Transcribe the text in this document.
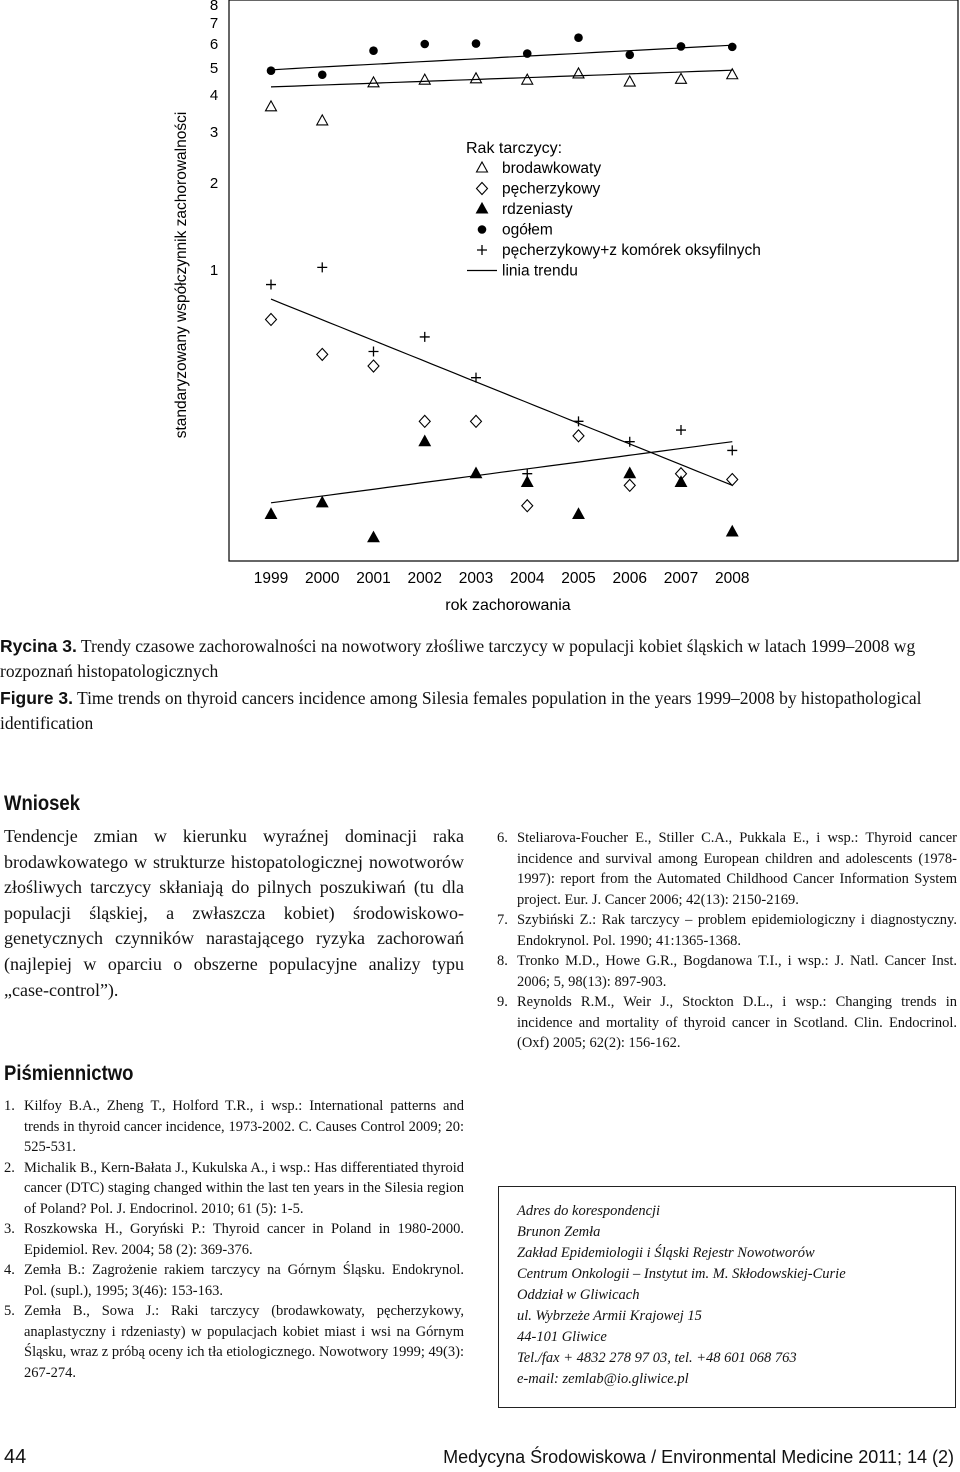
1
2
3
4
5
6
7
8
1999 2000 2001 2002 2003 2004 2005 2006 2007 2008
standaryzowany współczynnik zachorowalności
rok zachorowania
Rak tarczycy:
brodawkowaty
pęcherzykowy
rdzeniasty
ogółem
pęcherzykowy+z komórek oksyfilnych
linia trendu
Rycina 3. Trendy czasowe zachorowalności na nowotwory złośliwe tarczycy w populacji kobiet śląskich w latach 1999–2008 wg rozpoznań histopatologicznych
Figure 3. Time trends on thyroid cancers incidence among Silesia females population in the years 1999–2008 by histopathological identification
Wniosek
Tendencje zmian w kierunku wyraźnej dominacji raka brodawkowatego w strukturze histopatologicznej nowotworów złośliwych tarczycy skłaniają do pilnych poszukiwań (tu dla populacji śląskiej, a zwłaszcza kobiet) środowiskowo-genetycznych czynników narastającego ryzyka zachorowań (najlepiej w oparciu o obszerne populacyjne analizy typu „case-control”).
Piśmiennictwo
1. Kilfoy B.A., Zheng T., Holford T.R., i wsp.: International patterns and trends in thyroid cancer incidence, 1973-2002. C. Causes Control 2009; 20: 525-531.
2. Michalik B., Kern-Bałata J., Kukulska A., i wsp.: Has differentiated thyroid cancer (DTC) staging changed within the last ten years in the Silesia region of Poland? Pol. J. Endocrinol. 2010; 61 (5): 1-5.
3. Roszkowska H., Goryński P.: Thyroid cancer in Poland in 1980-2000. Epidemiol. Rev. 2004; 58 (2): 369-376.
4. Zemła B.: Zagrożenie rakiem tarczycy na Górnym Śląsku. Endokrynol. Pol. (supl.), 1995; 3(46): 153-163.
5. Zemła B., Sowa J.: Raki tarczycy (brodawkowaty, pęcherzykowy, anaplastyczny i rdzeniasty) w populacjach kobiet miast i wsi na Górnym Śląsku, wraz z próbą oceny ich tła etiologicznego. Nowotwory 1999; 49(3): 267-274.
6. Steliarova-Foucher E., Stiller C.A., Pukkala E., i wsp.: Thyroid cancer incidence and survival among European children and adolescents (1978-1997): report from the Automated Childhood Cancer Information System project. Eur. J. Cancer 2006; 42(13): 2150-2169.
7. Szybiński Z.: Rak tarczycy – problem epidemiologiczny i diagnostyczny. Endokrynol. Pol. 1990; 41:1365-1368.
8. Tronko M.D., Howe G.R., Bogdanowa T.I., i wsp.: J. Natl. Cancer Inst. 2006; 5, 98(13): 897-903.
9. Reynolds R.M., Weir J., Stockton D.L., i wsp.: Changing trends in incidence and mortality of thyroid cancer in Scotland. Clin. Endocrinol. (Oxf) 2005; 62(2): 156-162.
Adres do korespondencji
Brunon Zemła
Zakład Epidemiologii i Śląski Rejestr Nowotworów
Centrum Onkologii – Instytut im. M. Skłodowskiej-Curie
Oddział w Gliwicach
ul. Wybrzeże Armii Krajowej 15
44-101 Gliwice
Tel./fax + 4832 278 97 03, tel. +48 601 068 763
e-mail: zemlab@io.gliwice.pl
44	Medycyna Środowiskowa / Environmental Medicine 2011; 14 (2)
